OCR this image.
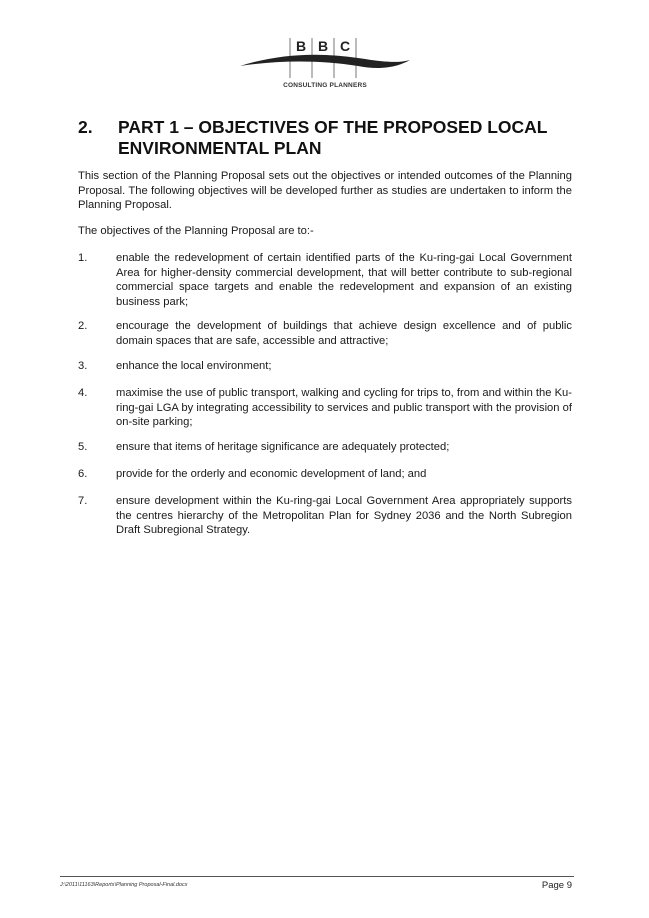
B B C
CONSULTING PLANNERS
2. PART 1 – OBJECTIVES OF THE PROPOSED LOCAL ENVIRONMENTAL PLAN
This section of the Planning Proposal sets out the objectives or intended outcomes of the Planning Proposal. The following objectives will be developed further as studies are undertaken to inform the Planning Proposal.
The objectives of the Planning Proposal are to:-
1.	enable the redevelopment of certain identified parts of the Ku-ring-gai Local Government Area for higher-density commercial development, that will better contribute to sub-regional commercial space targets and enable the redevelopment and expansion of an existing business park;
2.	encourage the development of buildings that achieve design excellence and of public domain spaces that are safe, accessible and attractive;
3.	enhance the local environment;
4.	maximise the use of public transport, walking and cycling for trips to, from and within the Ku-ring-gai LGA by integrating accessibility to services and public transport with the provision of on-site parking;
5.	ensure that items of heritage significance are adequately protected;
6.	provide for the orderly and economic development of land; and
7.	ensure development within the Ku-ring-gai Local Government Area appropriately supports the centres hierarchy of the Metropolitan Plan for Sydney 2036 and the North Subregion Draft Subregional Strategy.
J:\2011\11163\Reports\Planning Proposal-Final.docx	Page 9
